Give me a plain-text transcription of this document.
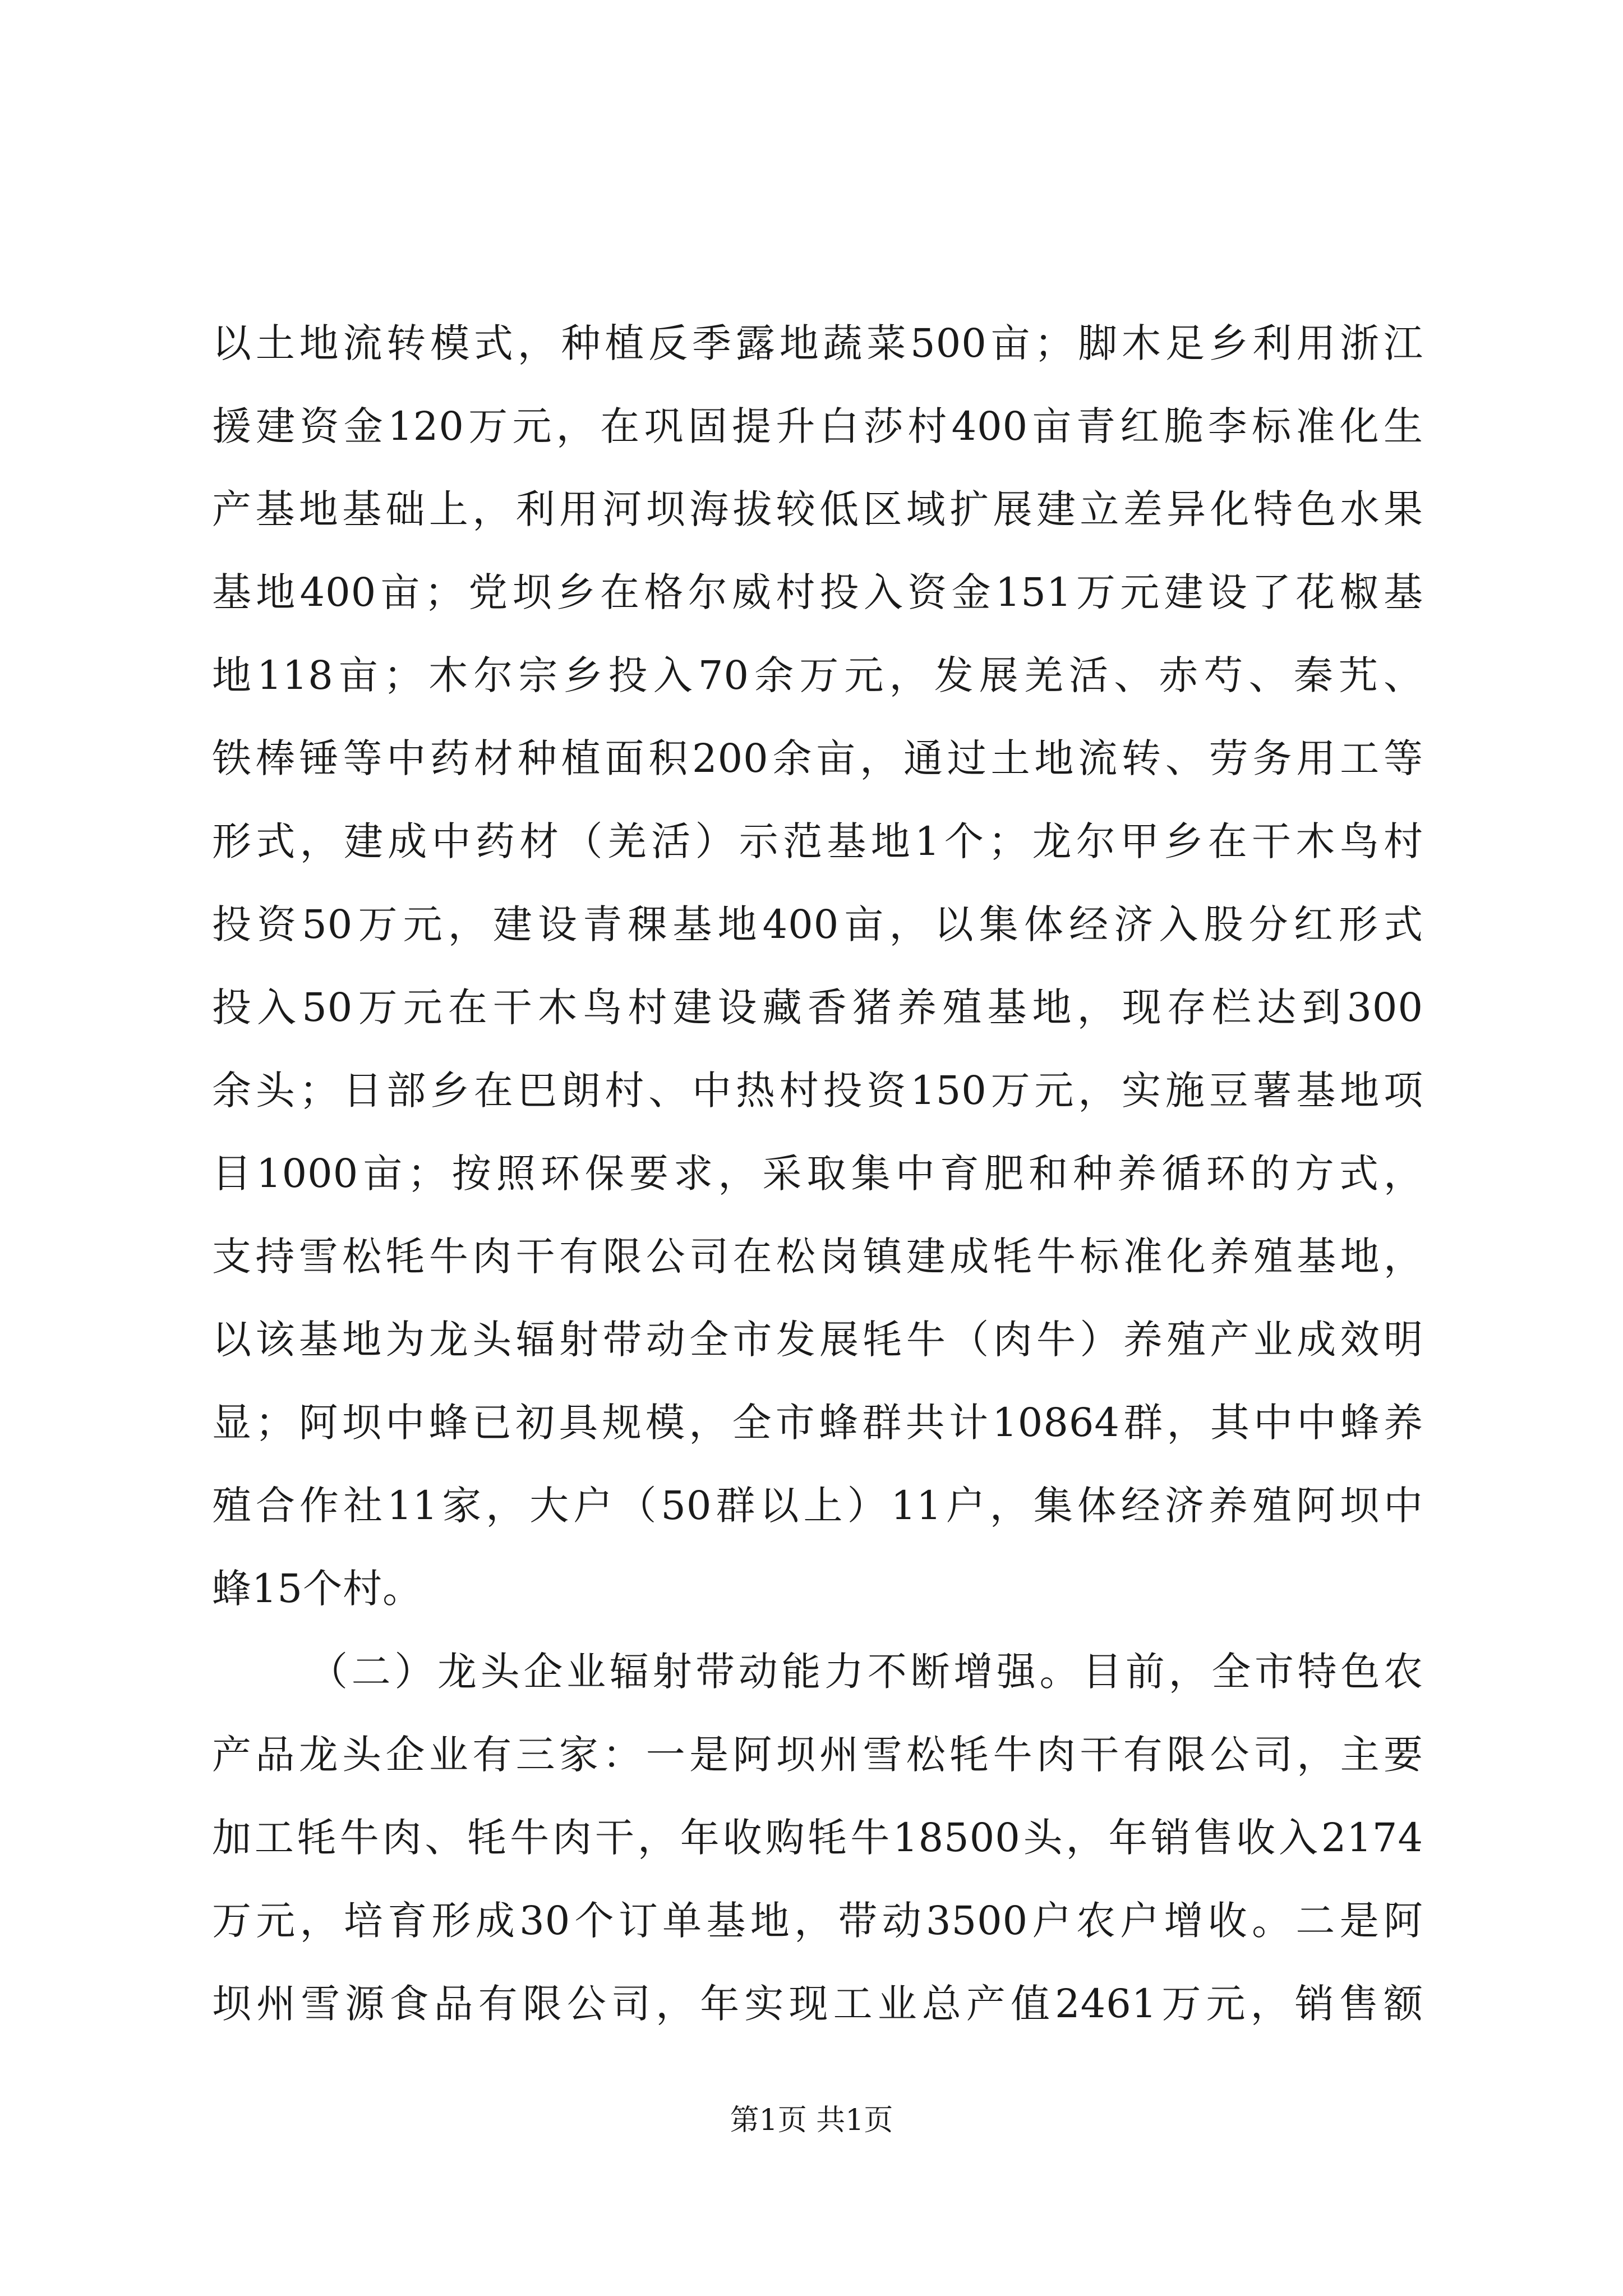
以土地流转模式，种植反季露地蔬菜500亩；脚木足乡利用浙江
援建资金120万元，在巩固提升白莎村400亩青红脆李标准化生
产基地基础上，利用河坝海拔较低区域扩展建立差异化特色水果
基地400亩；党坝乡在格尔威村投入资金151万元建设了花椒基
地118亩；木尔宗乡投入70余万元，发展羌活、赤芍、秦艽、
铁棒锤等中药材种植面积200余亩，通过土地流转、劳务用工等
形式，建成中药材（羌活）示范基地1个；龙尔甲乡在干木鸟村
投资50万元，建设青稞基地400亩，以集体经济入股分红形式
投入50万元在干木鸟村建设藏香猪养殖基地，现存栏达到300
余头；日部乡在巴朗村、中热村投资150万元，实施豆薯基地项
目1000亩；按照环保要求，采取集中育肥和种养循环的方式，
支持雪松牦牛肉干有限公司在松岗镇建成牦牛标准化养殖基地，
以该基地为龙头辐射带动全市发展牦牛（肉牛）养殖产业成效明
显；阿坝中蜂已初具规模，全市蜂群共计10864群，其中中蜂养
殖合作社11家，大户（50群以上）11户，集体经济养殖阿坝中
蜂15个村。
（二）龙头企业辐射带动能力不断增强。目前，全市特色农
产品龙头企业有三家：一是阿坝州雪松牦牛肉干有限公司，主要
加工牦牛肉、牦牛肉干，年收购牦牛18500头，年销售收入2174
万元，培育形成30个订单基地，带动3500户农户增收。二是阿
坝州雪源食品有限公司，年实现工业总产值2461万元，销售额
第1页 共1页
